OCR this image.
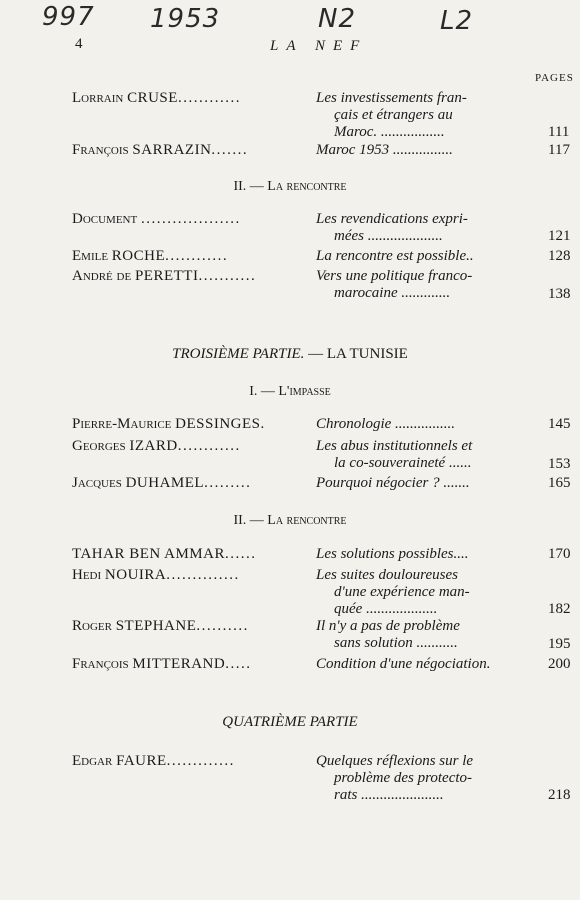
997 1953	N2	L2
4	LA NEF
PAGES
Lorrain CRUSE............	Les investissements fran-
çais et étrangers au
Maroc. .................	111
François SARRAZIN.......	Maroc 1953 ................	117
II. — La rencontre
Document ...................	Les revendications expri-
mées ....................	121
Emile ROCHE............	La rencontre est possible..	128
André de PERETTI...........	Vers une politique franco-
marocaine .............	138
TROISIÈME PARTIE. — LA TUNISIE
I. — L'impasse
Pierre-Maurice DESSINGES.	Chronologie ................	145
Georges IZARD............	Les abus institutionnels et
la co-souveraineté ......	153
Jacques DUHAMEL.........	Pourquoi négocier ? .......	165
II. — La rencontre
TAHAR BEN AMMAR......	Les solutions possibles....	170
Hedi NOUIRA..............	Les suites douloureuses
d'une expérience man-
quée ...................	182
Roger STEPHANE..........	Il n'y a pas de problème
sans solution ...........	195
François MITTERAND.....	Condition d'une négociation.	200
QUATRIÈME PARTIE
Edgar FAURE.............	Quelques réflexions sur le
problème des protecto-
rats ......................	218
